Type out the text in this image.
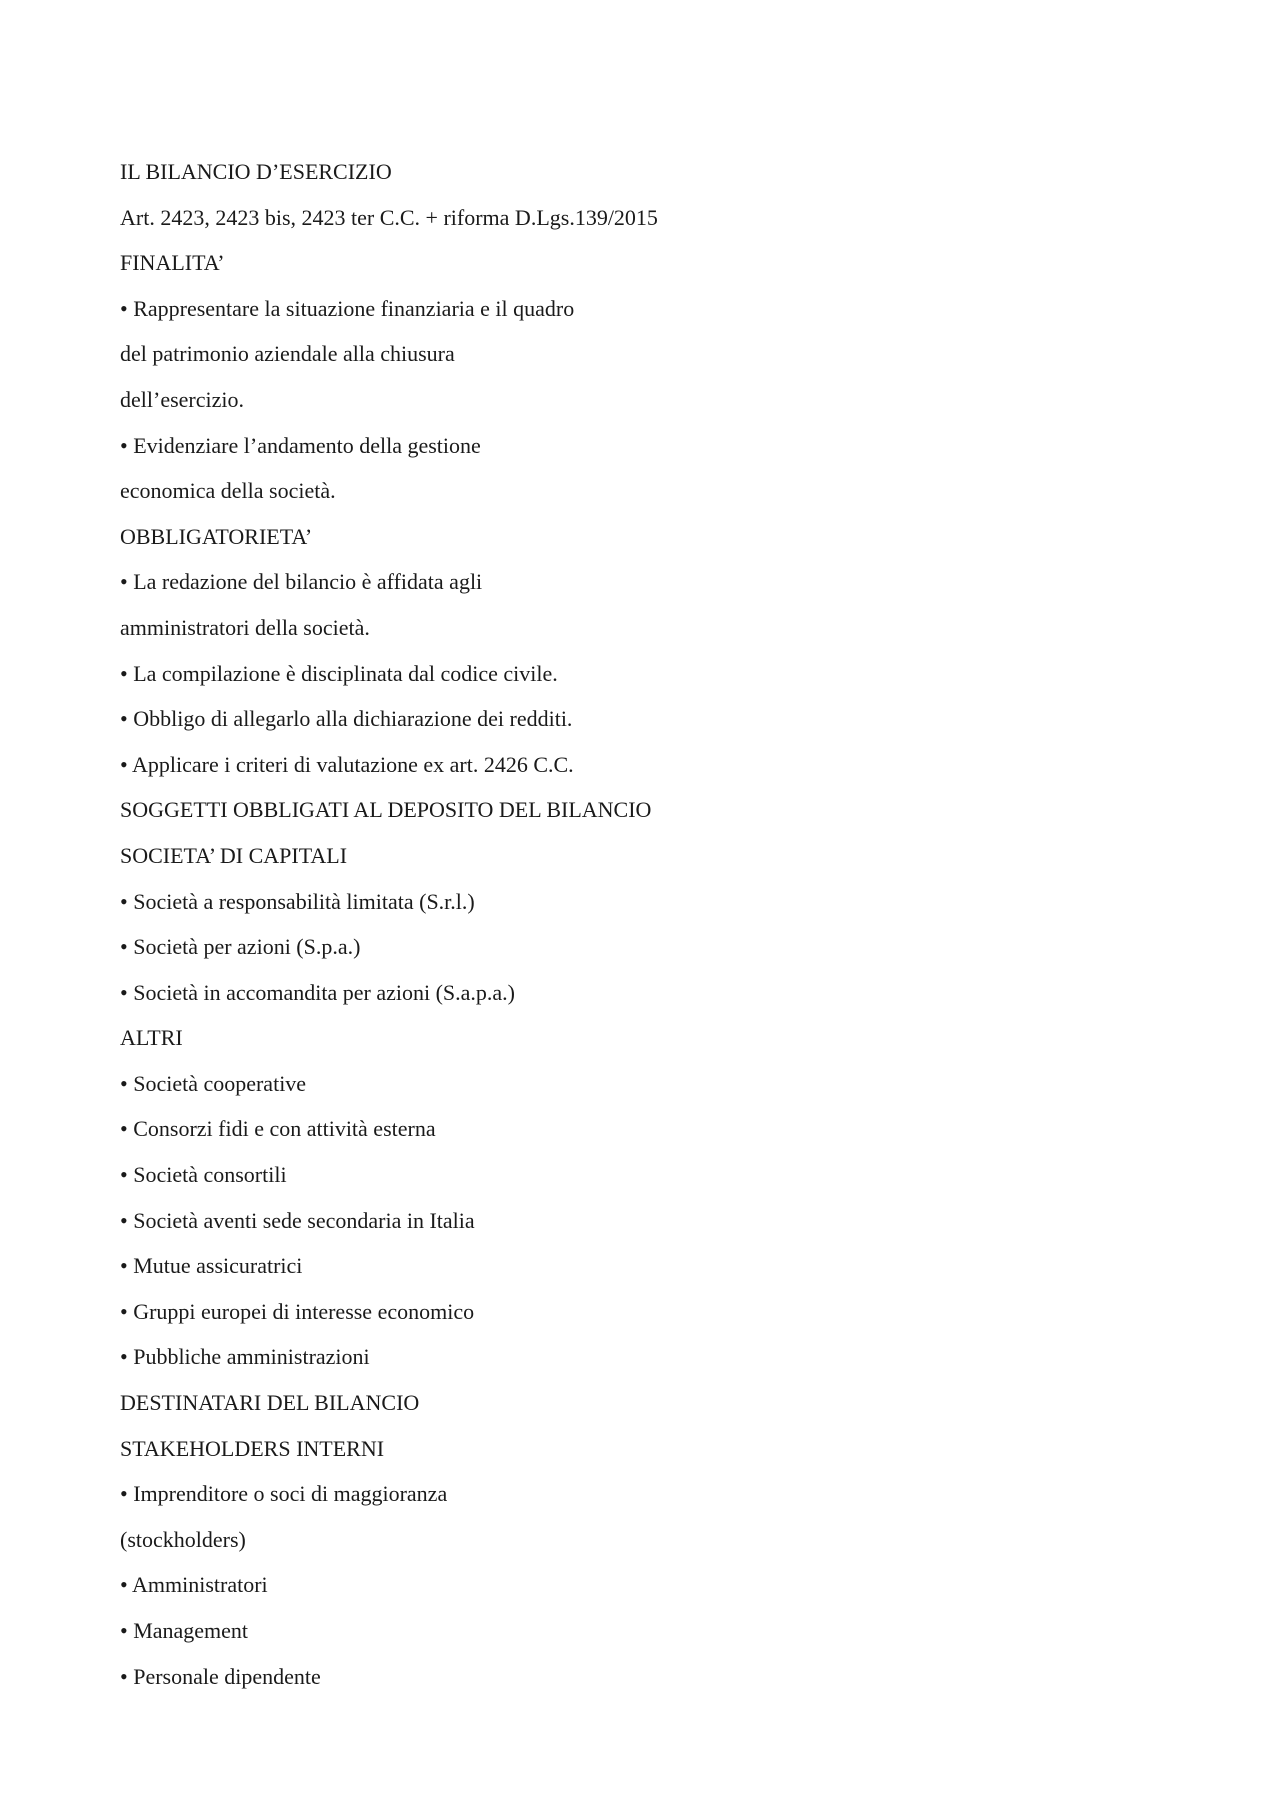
IL BILANCIO D’ESERCIZIO
Art. 2423, 2423 bis, 2423 ter C.C. + riforma D.Lgs.139/2015
FINALITA’
• Rappresentare la situazione finanziaria e il quadro
del patrimonio aziendale alla chiusura
dell’esercizio.
• Evidenziare l’andamento della gestione
economica della società.
OBBLIGATORIETA’
• La redazione del bilancio è affidata agli
amministratori della società.
• La compilazione è disciplinata dal codice civile.
• Obbligo di allegarlo alla dichiarazione dei redditi.
• Applicare i criteri di valutazione ex art. 2426 C.C.
SOGGETTI OBBLIGATI AL DEPOSITO DEL BILANCIO
SOCIETA’ DI CAPITALI
• Società a responsabilità limitata (S.r.l.)
• Società per azioni (S.p.a.)
• Società in accomandita per azioni (S.a.p.a.)
ALTRI
• Società cooperative
• Consorzi fidi e con attività esterna
• Società consortili
• Società aventi sede secondaria in Italia
• Mutue assicuratrici
• Gruppi europei di interesse economico
• Pubbliche amministrazioni
DESTINATARI DEL BILANCIO
STAKEHOLDERS INTERNI
• Imprenditore o soci di maggioranza
(stockholders)
• Amministratori
• Management
• Personale dipendente
